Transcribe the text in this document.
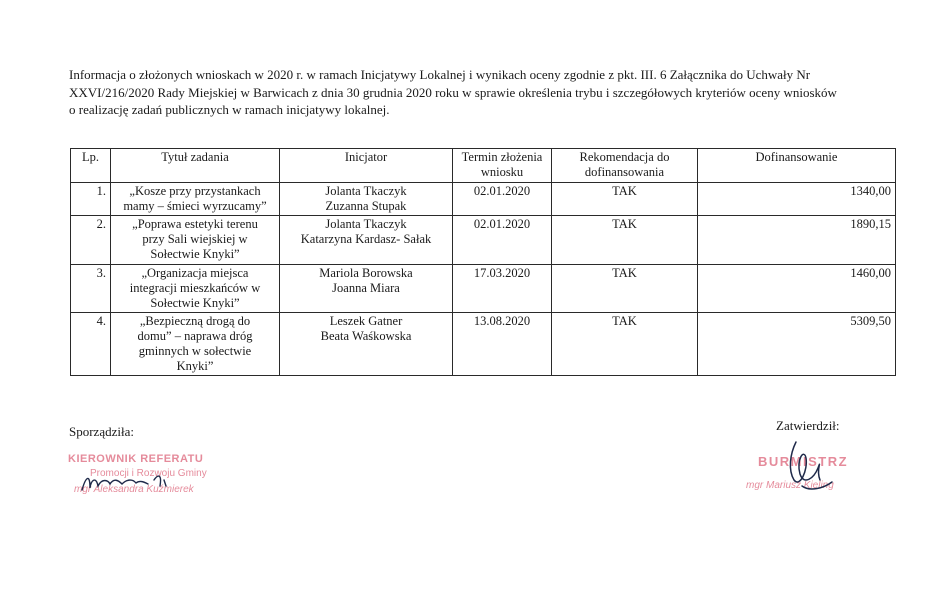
Informacja o złożonych wnioskach w 2020 r. w ramach Inicjatywy Lokalnej i wynikach oceny zgodnie z pkt. III. 6 Załącznika do Uchwały Nr
XXVI/216/2020 Rady Miejskiej w Barwicach z dnia 30 grudnia 2020 roku w sprawie określenia trybu i szczegółowych kryteriów oceny wniosków
o realizację zadań publicznych w ramach inicjatywy lokalnej.

Lp.	Tytuł zadania	Inicjator	Termin złożenia
wniosku	Rekomendacja do
dofinansowania	Dofinansowanie
1.	„Kosze przy przystankach
mamy – śmieci wyrzucamy”	Jolanta Tkaczyk
Zuzanna Stupak	02.01.2020	TAK	1340,00
2.	„Poprawa estetyki terenu
przy Sali wiejskiej w
Sołectwie Knyki”	Jolanta Tkaczyk
Katarzyna Kardasz- Sałak	02.01.2020	TAK	1890,15
3.	„Organizacja miejsca
integracji mieszkańców w
Sołectwie Knyki”	Mariola Borowska
Joanna Miara	17.03.2020	TAK	1460,00
4.	„Bezpieczną drogą do
domu” – naprawa dróg
gminnych w sołectwie
Knyki”	Leszek Gatner
Beata Waśkowska	13.08.2020	TAK	5309,50
Sporządziła:	Zatwierdził:
KIEROWNIK REFERATU
Promocji i Rozwoju Gminy
mgr Aleksandra Kuźmierek
BURMISTRZ
mgr Mariusz Kieling
